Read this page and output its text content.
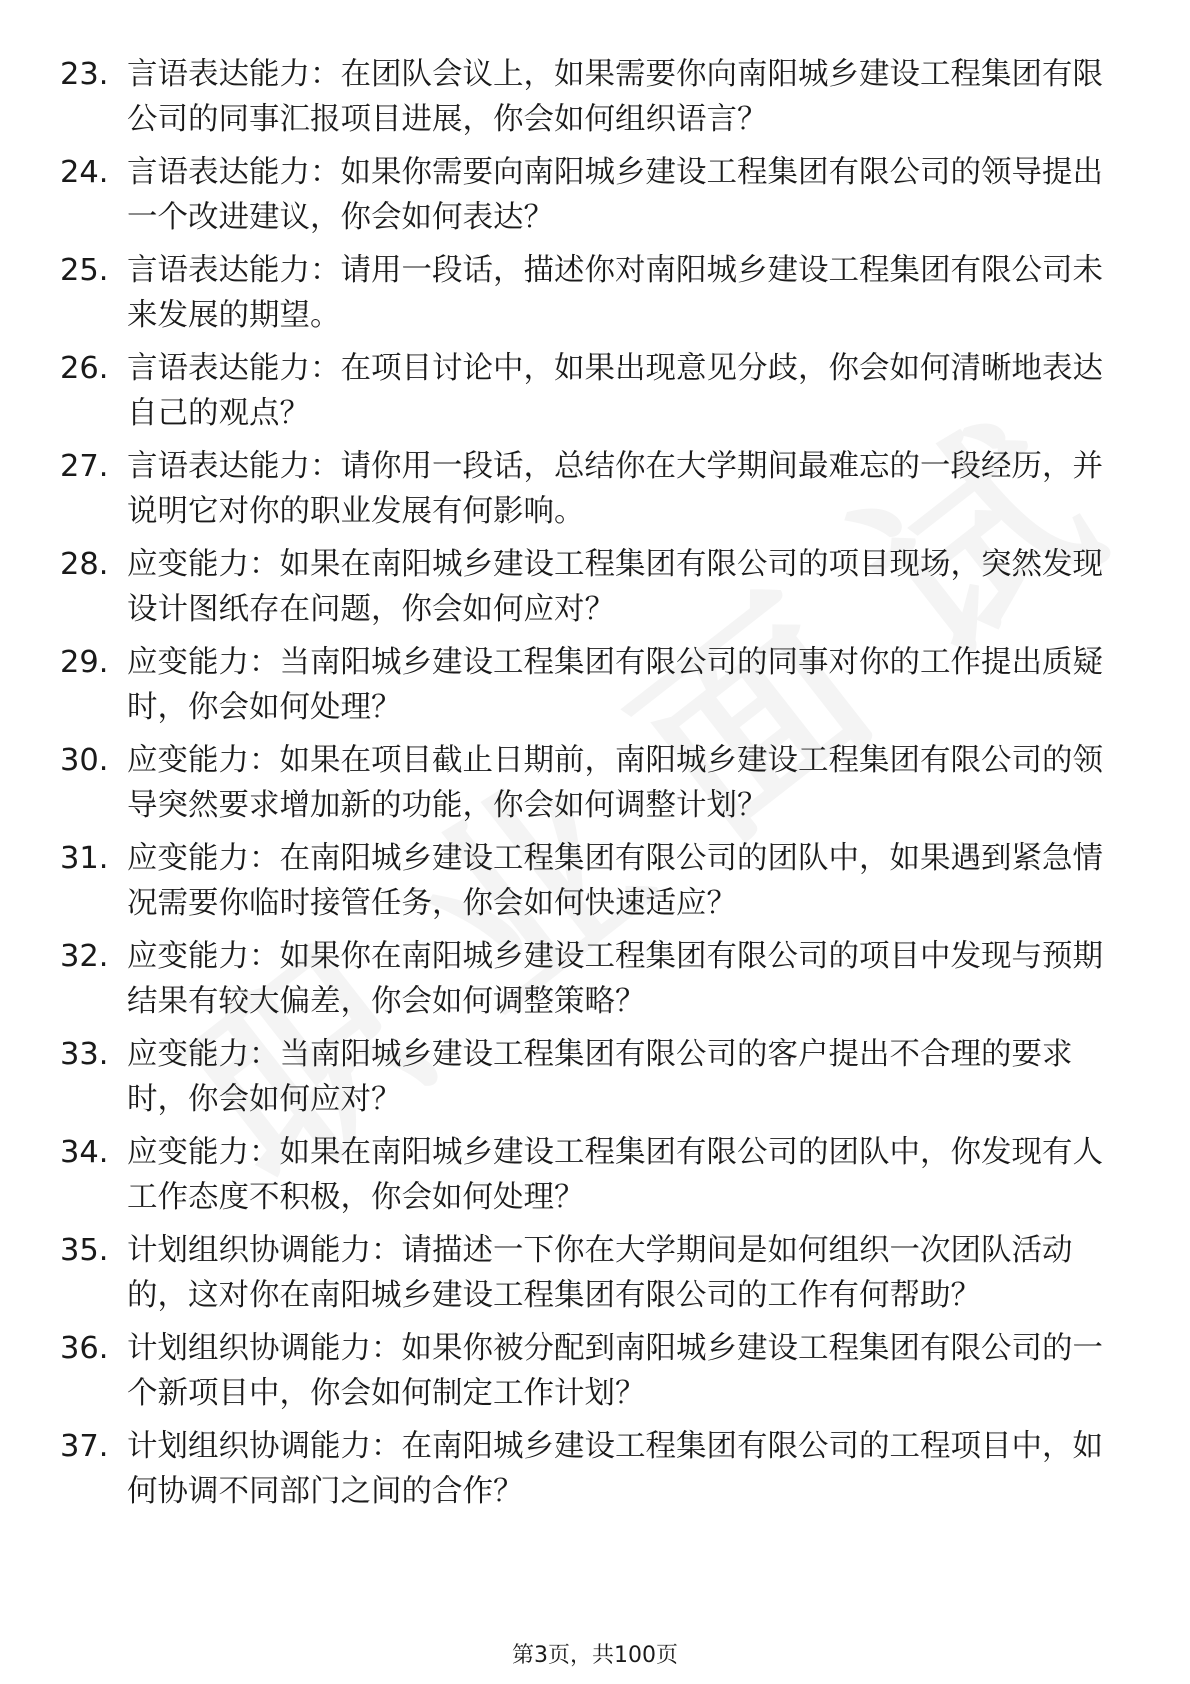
23. 言语表达能力：在团队会议上，如果需要你向南阳城乡建设工程集团有限公司的同事汇报项目进展，你会如何组织语言？
24. 言语表达能力：如果你需要向南阳城乡建设工程集团有限公司的领导提出一个改进建议，你会如何表达？
25. 言语表达能力：请用一段话，描述你对南阳城乡建设工程集团有限公司未来发展的期望。
26. 言语表达能力：在项目讨论中，如果出现意见分歧，你会如何清晰地表达自己的观点？
27. 言语表达能力：请你用一段话，总结你在大学期间最难忘的一段经历，并说明它对你的职业发展有何影响。
28. 应变能力：如果在南阳城乡建设工程集团有限公司的项目现场，突然发现设计图纸存在问题，你会如何应对？
29. 应变能力：当南阳城乡建设工程集团有限公司的同事对你的工作提出质疑时，你会如何处理？
30. 应变能力：如果在项目截止日期前，南阳城乡建设工程集团有限公司的领导突然要求增加新的功能，你会如何调整计划？
31. 应变能力：在南阳城乡建设工程集团有限公司的团队中，如果遇到紧急情况需要你临时接管任务，你会如何快速适应？
32. 应变能力：如果你在南阳城乡建设工程集团有限公司的项目中发现与预期结果有较大偏差，你会如何调整策略？
33. 应变能力：当南阳城乡建设工程集团有限公司的客户提出不合理的要求时，你会如何应对？
34. 应变能力：如果在南阳城乡建设工程集团有限公司的团队中，你发现有人工作态度不积极，你会如何处理？
35. 计划组织协调能力：请描述一下你在大学期间是如何组织一次团队活动的，这对你在南阳城乡建设工程集团有限公司的工作有何帮助？
36. 计划组织协调能力：如果你被分配到南阳城乡建设工程集团有限公司的一个新项目中，你会如何制定工作计划？
37. 计划组织协调能力：在南阳城乡建设工程集团有限公司的工程项目中，如何协调不同部门之间的合作？
第3页，共100页
